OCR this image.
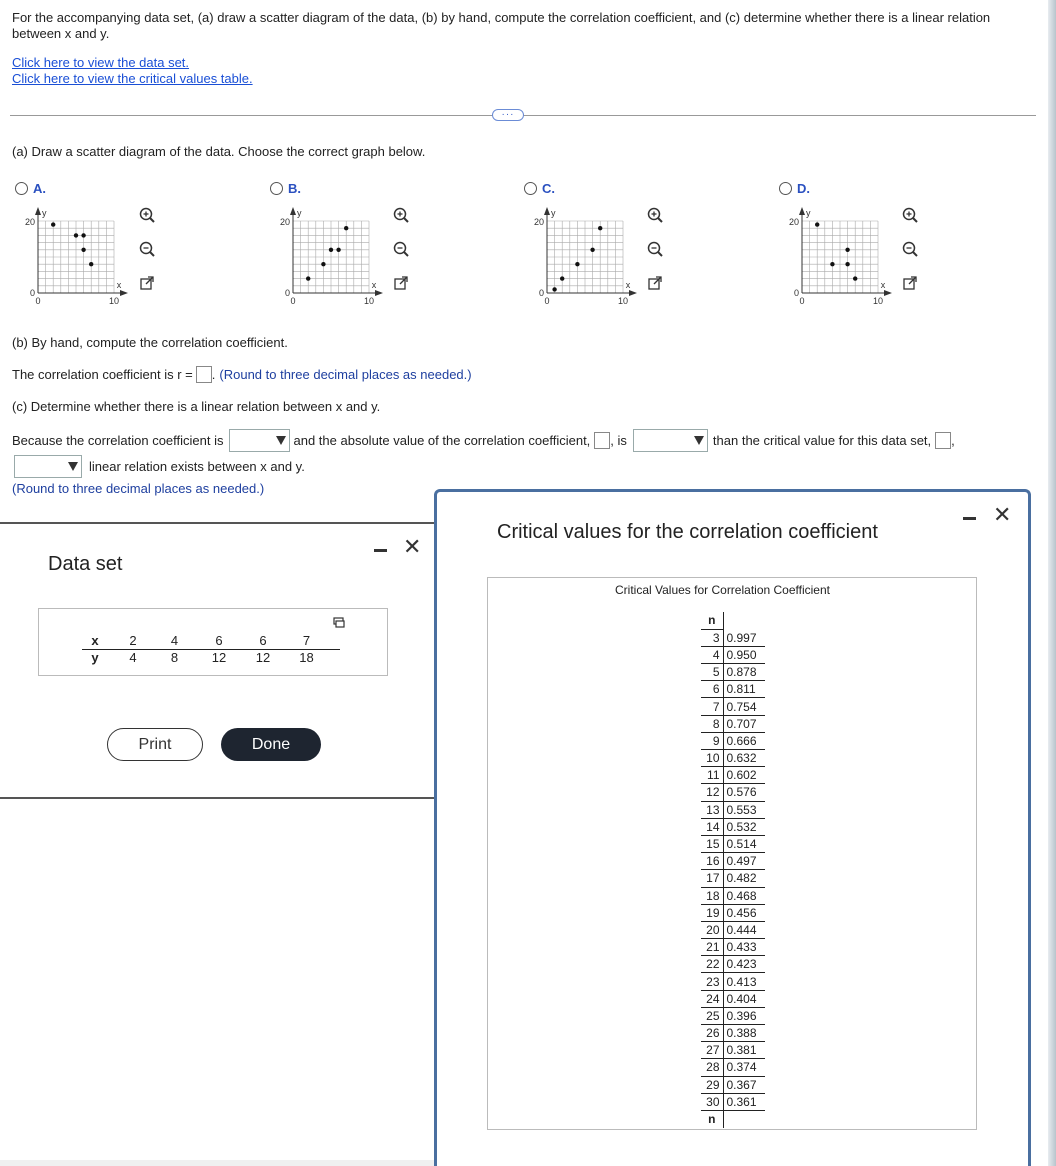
For the accompanying data set, (a) draw a scatter diagram of the data, (b) by hand, compute the correlation coefficient, and (c) determine whether there is a linear relation between x and y.
Click here to view the data set.
Click here to view the critical values table.
···
(a) Draw a scatter diagram of the data. Choose the correct graph below.
A.	B.	C.	D.
y
20
0
0	10
x
y
20
0
0	10
x
y
20
0
0	10
x
y
20
0
0	10
x
(b) By hand, compute the correlation coefficient.
The correlation coefficient is r = . (Round to three decimal places as needed.)
(c) Determine whether there is a linear relation between x and y.
Because the correlation coefficient is	and the absolute value of the correlation coefficient, , is	than the critical value for this data set, ,
linear relation exists between x and y.
(Round to three decimal places as needed.)
Data set
✕
x	2	4	6	6	7	
y	4	8	12	12	18	
Print	Done
Critical values for the correlation coefficient
✕
Critical Values for Correlation Coefficient
n	
3	0.997
4	0.950
5	0.878
6	0.811
7	0.754
8	0.707
9	0.666
10	0.632
11	0.602
12	0.576
13	0.553
14	0.532
15	0.514
16	0.497
17	0.482
18	0.468
19	0.456
20	0.444
21	0.433
22	0.423
23	0.413
24	0.404
25	0.396
26	0.388
27	0.381
28	0.374
29	0.367
30	0.361
n	
